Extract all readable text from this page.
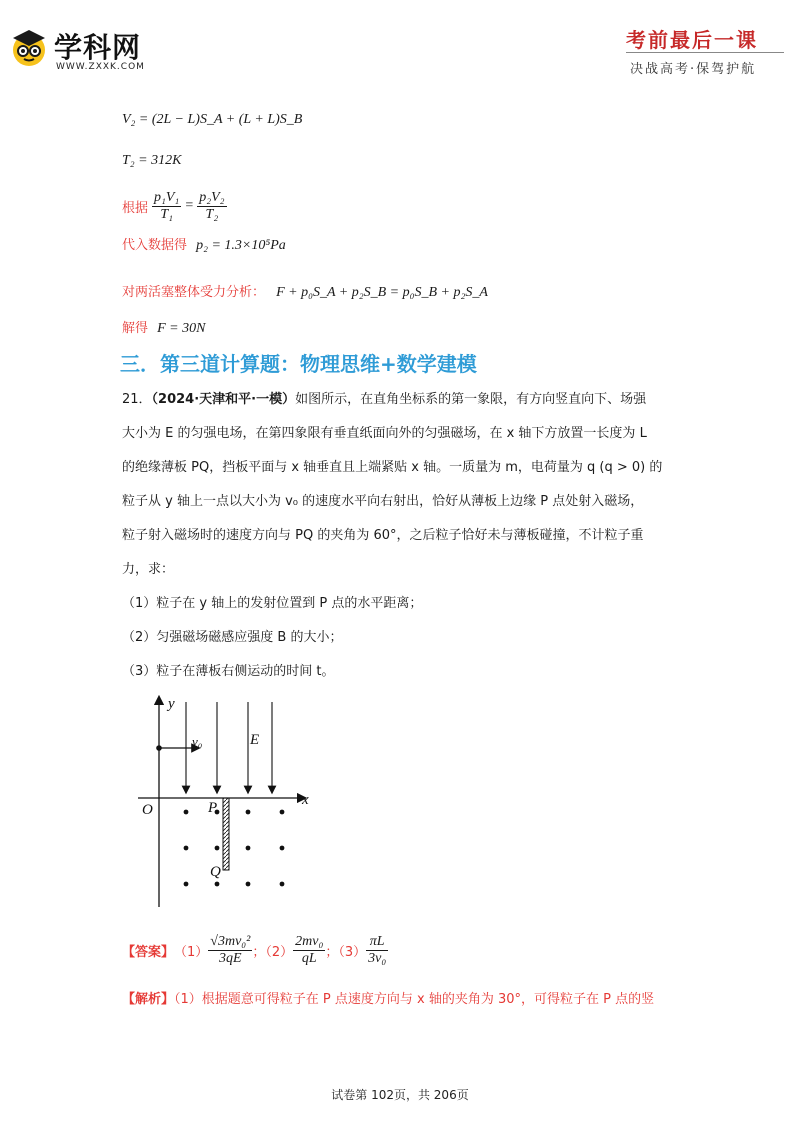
学科网
WWW.ZXXK.COM
考前最后一课
决战高考·保驾护航
V₂ = (2L − L)S_A + (L + L)S_B
T₂ = 312K
根据 $\frac{\text{p₁V₁}}{\text{T₁}} = \frac{\text{p₂V₂}}{\text{T₂}}$
代入数据得 p₂ = 1.3×10⁵Pa
对两活塞整体受力分析： F + p₀S_A + p₂S_B = p₀S_B + p₂S_A
解得 F = 30N
三．第三道计算题：物理思维+数学建模
21．（2024·天津和平·一模）如图所示，在直角坐标系的第一象限，有方向竖直向下、场强
大小为 E 的匀强电场，在第四象限有垂直纸面向外的匀强磁场，在 x 轴下方放置一长度为 L
的绝缘薄板 PQ，挡板平面与 x 轴垂直且上端紧贴 x 轴。一质量为 m，电荷量为 q (q > 0) 的
粒子从 y 轴上一点以大小为 v₀ 的速度水平向右射出，恰好从薄板上边缘 P 点处射入磁场，
粒子射入磁场时的速度方向与 PQ 的夹角为 60°，之后粒子恰好未与薄板碰撞，不计粒子重
力，求：
（1）粒子在 y 轴上的发射位置到 P 点的水平距离；
（2）匀强磁场磁感应强度 B 的大小；
（3）粒子在薄板右侧运动的时间 t。
y
x
O
v₀	E
P
Q
【答案】 $(1) \frac{\text{√3mv₀²}}{3qE}$ ；$(2) \frac{\text{2mv₀}}{qL}$ ；$(3) \frac{\pi L}{\text{3v₀}}$
【解析】（1）根据题意可得粒子在 P 点速度方向与 x 轴的夹角为 30°，可得粒子在 P 点的竖
试卷第 102页，共 206页
